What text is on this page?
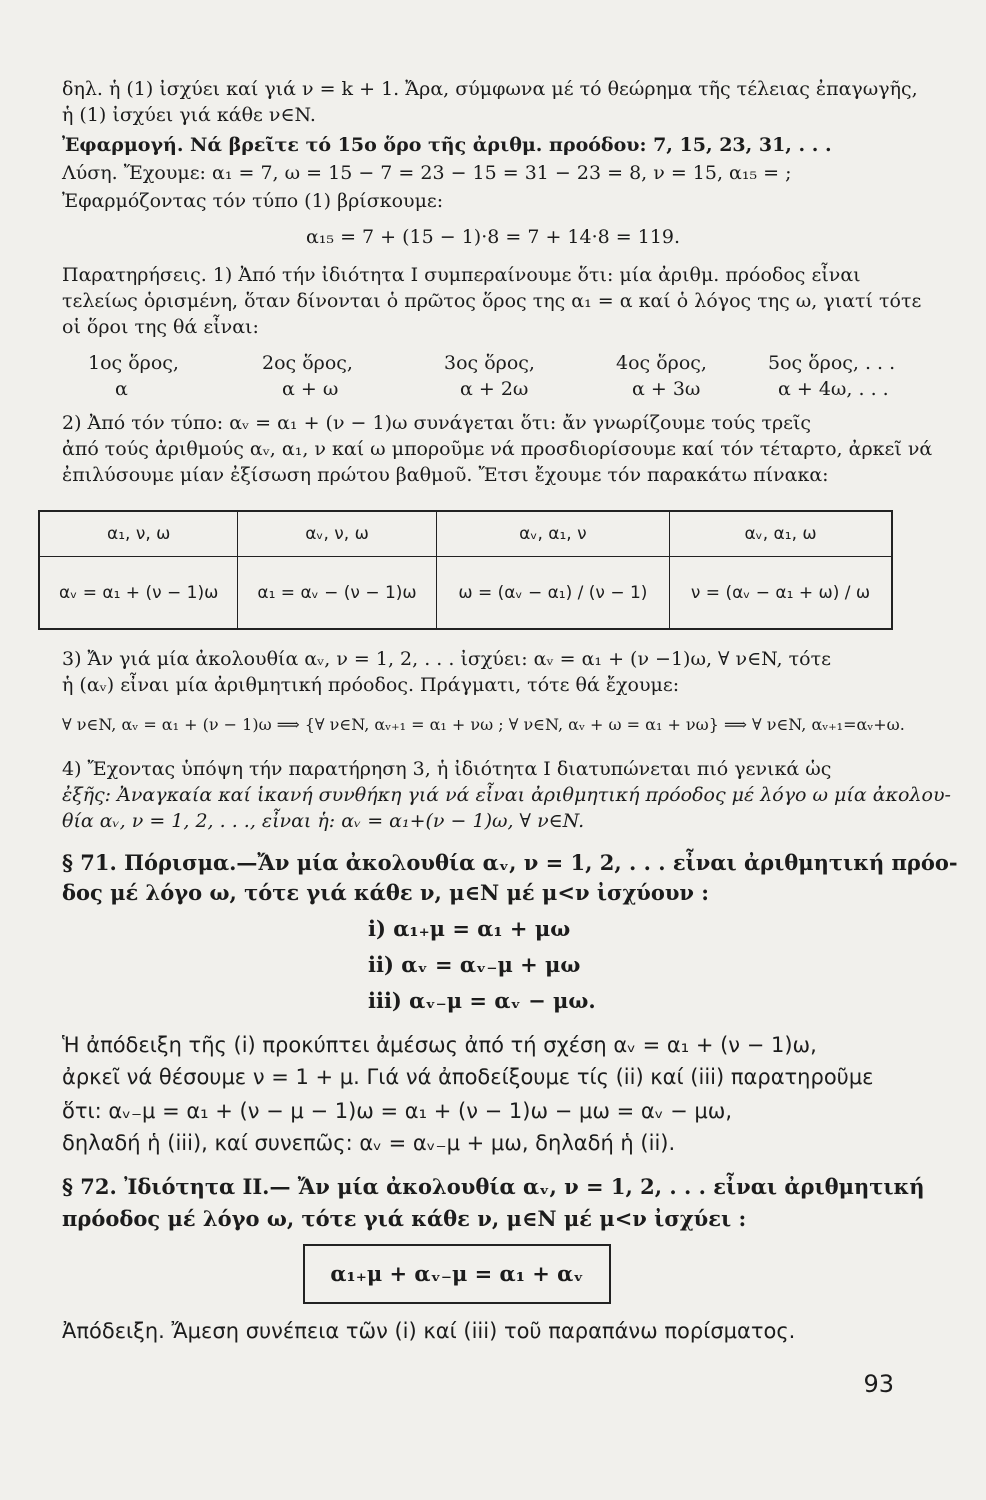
δηλ. ἡ (1) ἰσχύει καί γιά ν = k + 1. Ἄρα, σύμφωνα μέ τό θεώρημα τῆς τέλειας ἐπαγωγῆς,
ἡ (1) ἰσχύει γιά κάθε ν∈N.
Ἐφαρμογή. Νά βρεῖτε τό 15ο ὅρο τῆς ἀριθμ. προόδου: 7, 15, 23, 31, . . .
Λύση. Ἔχουμε: α₁ = 7, ω = 15 − 7 = 23 − 15 = 31 − 23 = 8, ν = 15, α₁₅ = ;
Ἐφαρμόζοντας τόν τύπο (1) βρίσκουμε:
α₁₅ = 7 + (15 − 1)·8 = 7 + 14·8 = 119.
Παρατηρήσεις. 1) Ἀπό τήν ἰδιότητα I συμπεραίνουμε ὅτι: μία ἀριθμ. πρόοδος εἶναι
τελείως ὁρισμένη, ὅταν δίνονται ὁ πρῶτος ὅρος της α₁ = α καί ὁ λόγος της ω, γιατί τότε
οἱ ὅροι της θά εἶναι:
1ος ὅρος,	2ος ὅρος,	3ος ὅρος,	4ος ὅρος,	5ος ὅρος, . . .
α	α + ω	α + 2ω	α + 3ω	α + 4ω, . . .
2) Ἀπό τόν τύπο: αᵥ = α₁ + (ν − 1)ω συνάγεται ὅτι: ἄν γνωρίζουμε τούς τρεῖς
ἀπό τούς ἀριθμούς αᵥ, α₁, ν καί ω μποροῦμε νά προσδιορίσουμε καί τόν τέταρτο, ἀρκεῖ νά
ἐπιλύσουμε μίαν ἐξίσωση πρώτου βαθμοῦ. Ἔτσι ἔχουμε τόν παρακάτω πίνακα:
α₁, ν, ω	αᵥ, ν, ω	αᵥ, α₁, ν	αᵥ, α₁, ω
αᵥ = α₁ + (ν − 1)ω	α₁ = αᵥ − (ν − 1)ω	ω = (αᵥ − α₁) / (ν − 1)	ν = (αᵥ − α₁ + ω) / ω
3) Ἄν γιά μία ἀκολουθία αᵥ, ν = 1, 2, . . . ἰσχύει: αᵥ = α₁ + (ν −1)ω, ∀ ν∈N, τότε
ἡ (αᵥ) εἶναι μία ἀριθμητική πρόοδος. Πράγματι, τότε θά ἔχουμε:
∀ ν∈N, αᵥ = α₁ + (ν − 1)ω ⟹ {∀ ν∈N, αᵥ₊₁ = α₁ + νω ; ∀ ν∈N, αᵥ + ω = α₁ + νω} ⟹ ∀ ν∈N, αᵥ₊₁=αᵥ+ω.
4) Ἔχοντας ὑπόψη τήν παρατήρηση 3, ἡ ἰδιότητα I διατυπώνεται πιό γενικά ὡς
ἐξῆς: Ἀναγκαία καί ἱκανή συνθήκη γιά νά εἶναι ἀριθμητική πρόοδος μέ λόγο ω μία ἀκολου-
θία αᵥ, ν = 1, 2, . . ., εἶναι ἡ: αᵥ = α₁+(ν − 1)ω, ∀ ν∈N.
§ 71. Πόρισμα.—Ἄν μία ἀκολουθία αᵥ, ν = 1, 2, . . . εἶναι ἀριθμητική πρόο-
δος μέ λόγο ω, τότε γιά κάθε ν, μ∈N μέ μ<ν ἰσχύουν :
i) α₁₊μ = α₁ + μω
ii) αᵥ = αᵥ₋μ + μω
iii) αᵥ₋μ = αᵥ − μω.
Ἡ ἀπόδειξη τῆς (i) προκύπτει ἀμέσως ἀπό τή σχέση αᵥ = α₁ + (ν − 1)ω,
ἀρκεῖ νά θέσουμε ν = 1 + μ. Γιά νά ἀποδείξουμε τίς (ii) καί (iii) παρατηροῦμε
ὅτι: αᵥ₋μ = α₁ + (ν − μ − 1)ω = α₁ + (ν − 1)ω − μω = αᵥ − μω,
δηλαδή ἡ (iii), καί συνεπῶς: αᵥ = αᵥ₋μ + μω, δηλαδή ἡ (ii).
§ 72. Ἰδιότητα II.— Ἄν μία ἀκολουθία αᵥ, ν = 1, 2, . . . εἶναι ἀριθμητική
πρόοδος μέ λόγο ω, τότε γιά κάθε ν, μ∈N μέ μ<ν ἰσχύει :
α₁₊μ + αᵥ₋μ = α₁ + αᵥ
Ἀπόδειξη. Ἄμεση συνέπεια τῶν (i) καί (iii) τοῦ παραπάνω πορίσματος.
93
